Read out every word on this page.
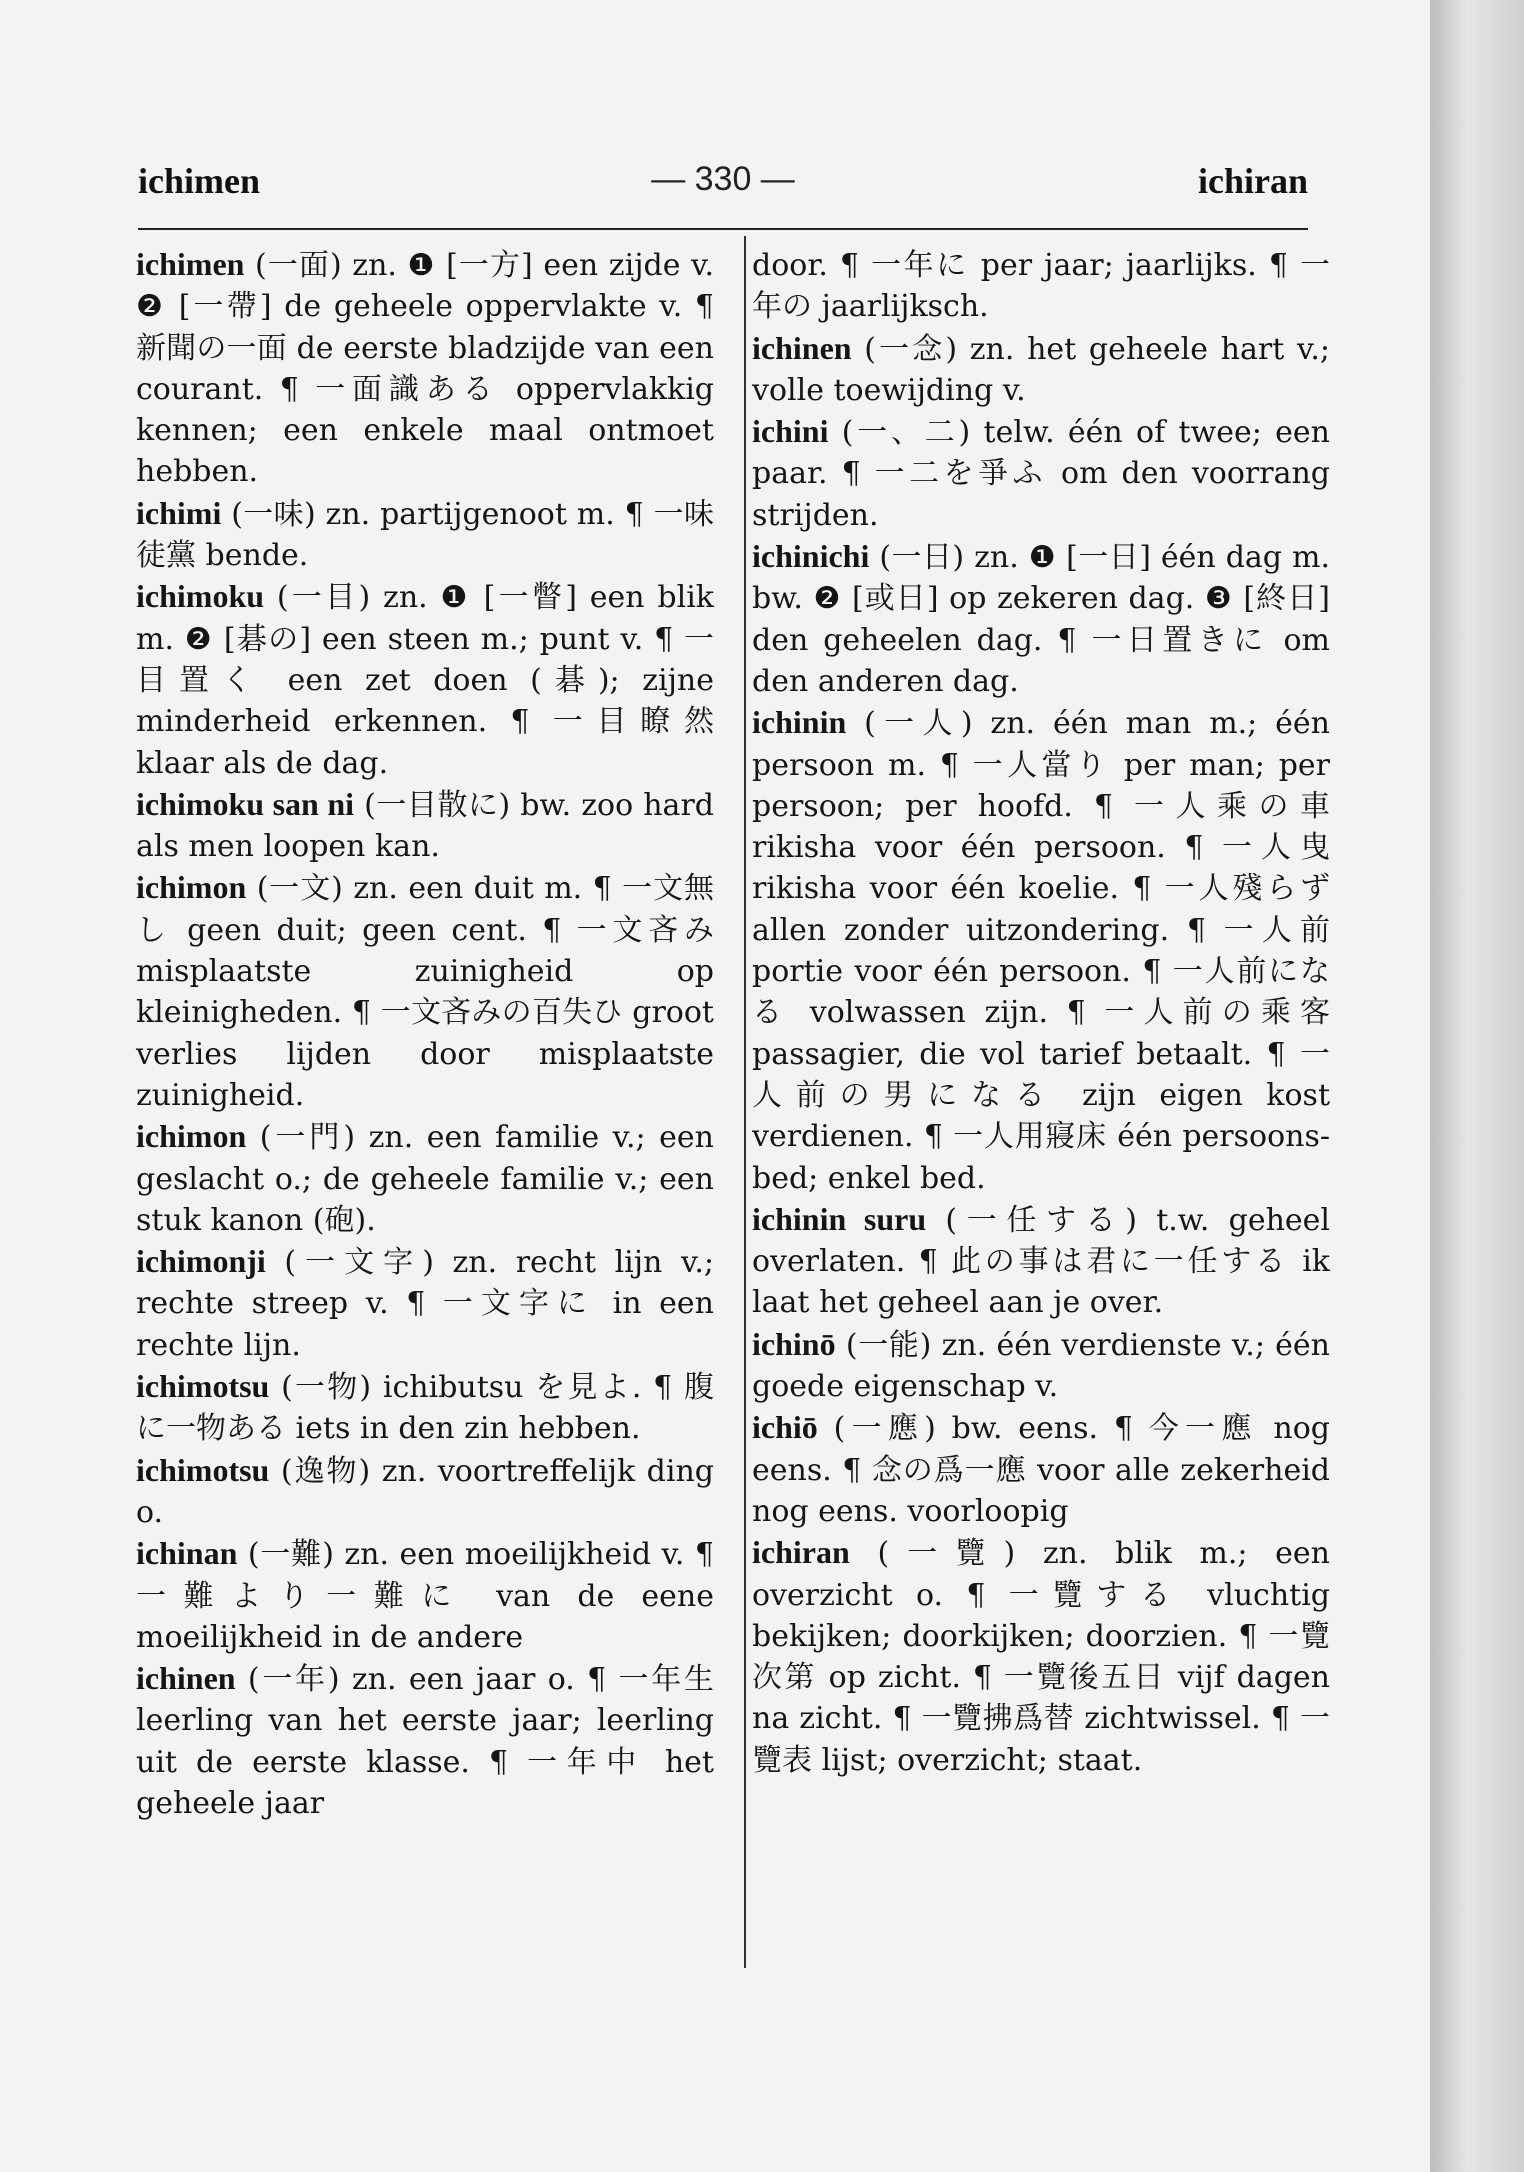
ichimen	— 330 —	ichiran

ichimen (一面) zn. ❶ [一方] een zijde v. ❷ [一帶] de geheele oppervlakte v. ¶ 新聞の一面 de eerste bladzijde van een courant. ¶ 一面識ある oppervlakkig kennen; een enkele maal ontmoet hebben.

ichimi (一味) zn. partijgenoot m. ¶ 一味徒黨 bende.

ichimoku (一目) zn. ❶ [一瞥] een blik m. ❷ [碁の] een steen m.; punt v. ¶ 一目置く een zet doen (碁); zijne minderheid erkennen. ¶ 一目瞭然 klaar als de dag.

ichimoku san ni (一目散に) bw. zoo hard als men loopen kan.

ichimon (一文) zn. een duit m. ¶ 一文無し geen duit; geen cent. ¶ 一文吝み misplaatste zuinigheid op kleinigheden. ¶ 一文吝みの百失ひ groot verlies lijden door misplaatste zuinigheid.

ichimon (一門) zn. een familie v.; een geslacht o.; de geheele familie v.; een stuk kanon (砲).

ichimonji (一文字) zn. recht lijn v.; rechte streep v. ¶ 一文字に in een rechte lijn.

ichimotsu (一物) ichibutsu を見よ. ¶ 腹に一物ある iets in den zin hebben.

ichimotsu (逸物) zn. voortreffelijk ding o.

ichinan (一難) zn. een moeilijkheid v. ¶ 一難より一難に van de eene moeilijkheid in de andere

ichinen (一年) zn. een jaar o. ¶ 一年生 leerling van het eerste jaar; leerling uit de eerste klasse. ¶ 一年中 het geheele jaar

door. ¶ 一年に per jaar; jaarlijks. ¶ 一年の jaarlijksch.

ichinen (一念) zn. het geheele hart v.; volle toewijding v.

ichini (一、二) telw. één of twee; een paar. ¶ 一二を爭ふ om den voorrang strijden.

ichinichi (一日) zn. ❶ [一日] één dag m. bw. ❷ [或日] op zekeren dag. ❸ [終日] den geheelen dag. ¶ 一日置きに om den anderen dag.

ichinin (一人) zn. één man m.; één persoon m. ¶ 一人當り per man; per persoon; per hoofd. ¶ 一人乘の車 rikisha voor één persoon. ¶ 一人曳 rikisha voor één koelie. ¶ 一人殘らず allen zonder uitzondering. ¶ 一人前 portie voor één persoon. ¶ 一人前になる volwassen zijn. ¶ 一人前の乘客 passagier, die vol tarief betaalt. ¶ 一人前の男になる zijn eigen kost verdienen. ¶ 一人用寢床 één persoons-bed; enkel bed.

ichinin suru (一任する) t.w. geheel overlaten. ¶ 此の事は君に一任する ik laat het geheel aan je over.

ichinō (一能) zn. één verdienste v.; één goede eigenschap v.

ichiō (一應) bw. eens. ¶ 今一應 nog eens. ¶ 念の爲一應 voor alle zekerheid nog eens. voorloopig

ichiran (一覽) zn. blik m.; een overzicht o. ¶ 一覽する vluchtig bekijken; doorkijken; doorzien. ¶ 一覽次第 op zicht. ¶ 一覽後五日 vijf dagen na zicht. ¶ 一覽拂爲替 zichtwissel. ¶ 一覽表 lijst; overzicht; staat.
